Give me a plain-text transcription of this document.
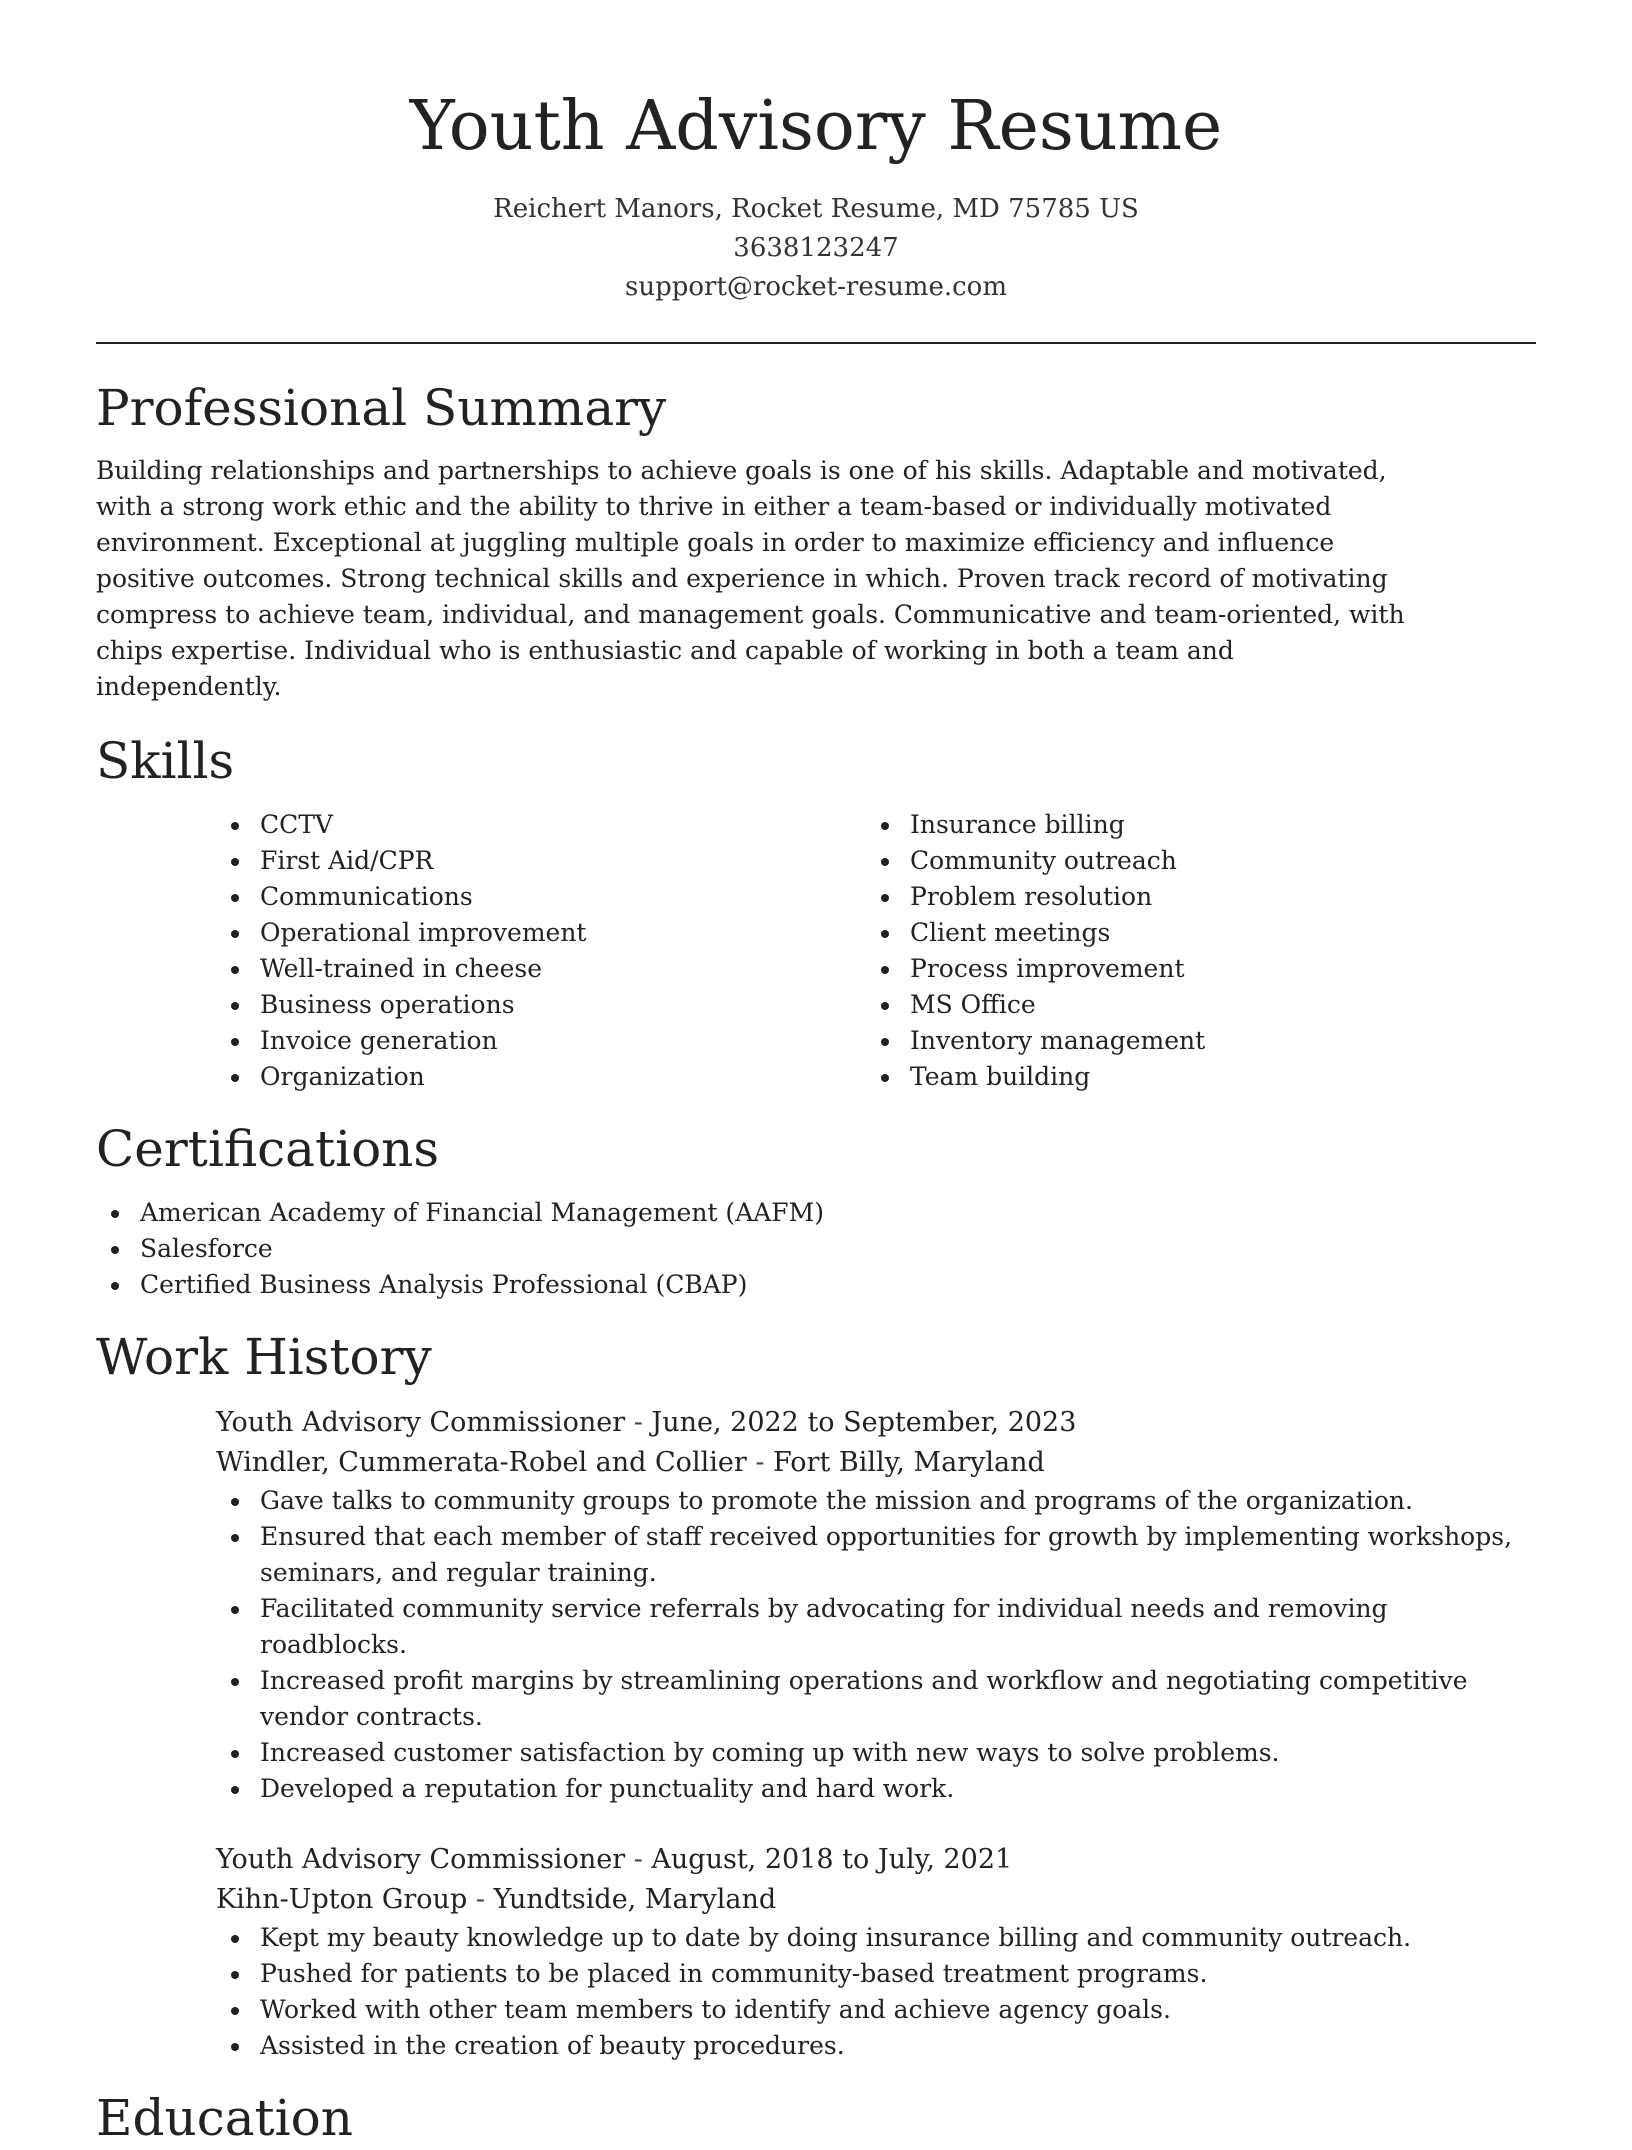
Youth Advisory Resume
Reichert Manors, Rocket Resume, MD 75785 US
3638123247
support@rocket-resume.com
Professional Summary

Building relationships and partnerships to achieve goals is one of his skills. Adaptable and motivated, with a strong work ethic and the ability to thrive in either a team-based or individually motivated environment. Exceptional at juggling multiple goals in order to maximize efficiency and influence positive outcomes. Strong technical skills and experience in which. Proven track record of motivating compress to achieve team, individual, and management goals. Communicative and team-oriented, with chips expertise. Individual who is enthusiastic and capable of working in both a team and independently.

Skills
CCTV
First Aid/CPR
Communications
Operational improvement
Well-trained in cheese
Business operations
Invoice generation
Organization
Insurance billing
Community outreach
Problem resolution
Client meetings
Process improvement
MS Office
Inventory management
Team building
Certifications
American Academy of Financial Management (AAFM)
Salesforce
Certified Business Analysis Professional (CBAP)
Work History
Youth Advisory Commissioner - June, 2022 to September, 2023
Windler, Cummerata-Robel and Collier - Fort Billy, Maryland
Gave talks to community groups to promote the mission and programs of the organization.
Ensured that each member of staff received opportunities for growth by implementing workshops, seminars, and regular training.
Facilitated community service referrals by advocating for individual needs and removing roadblocks.
Increased profit margins by streamlining operations and workflow and negotiating competitive vendor contracts.
Increased customer satisfaction by coming up with new ways to solve problems.
Developed a reputation for punctuality and hard work.
Youth Advisory Commissioner - August, 2018 to July, 2021
Kihn-Upton Group - Yundtside, Maryland
Kept my beauty knowledge up to date by doing insurance billing and community outreach.
Pushed for patients to be placed in community-based treatment programs.
Worked with other team members to identify and achieve agency goals.
Assisted in the creation of beauty procedures.
Education
